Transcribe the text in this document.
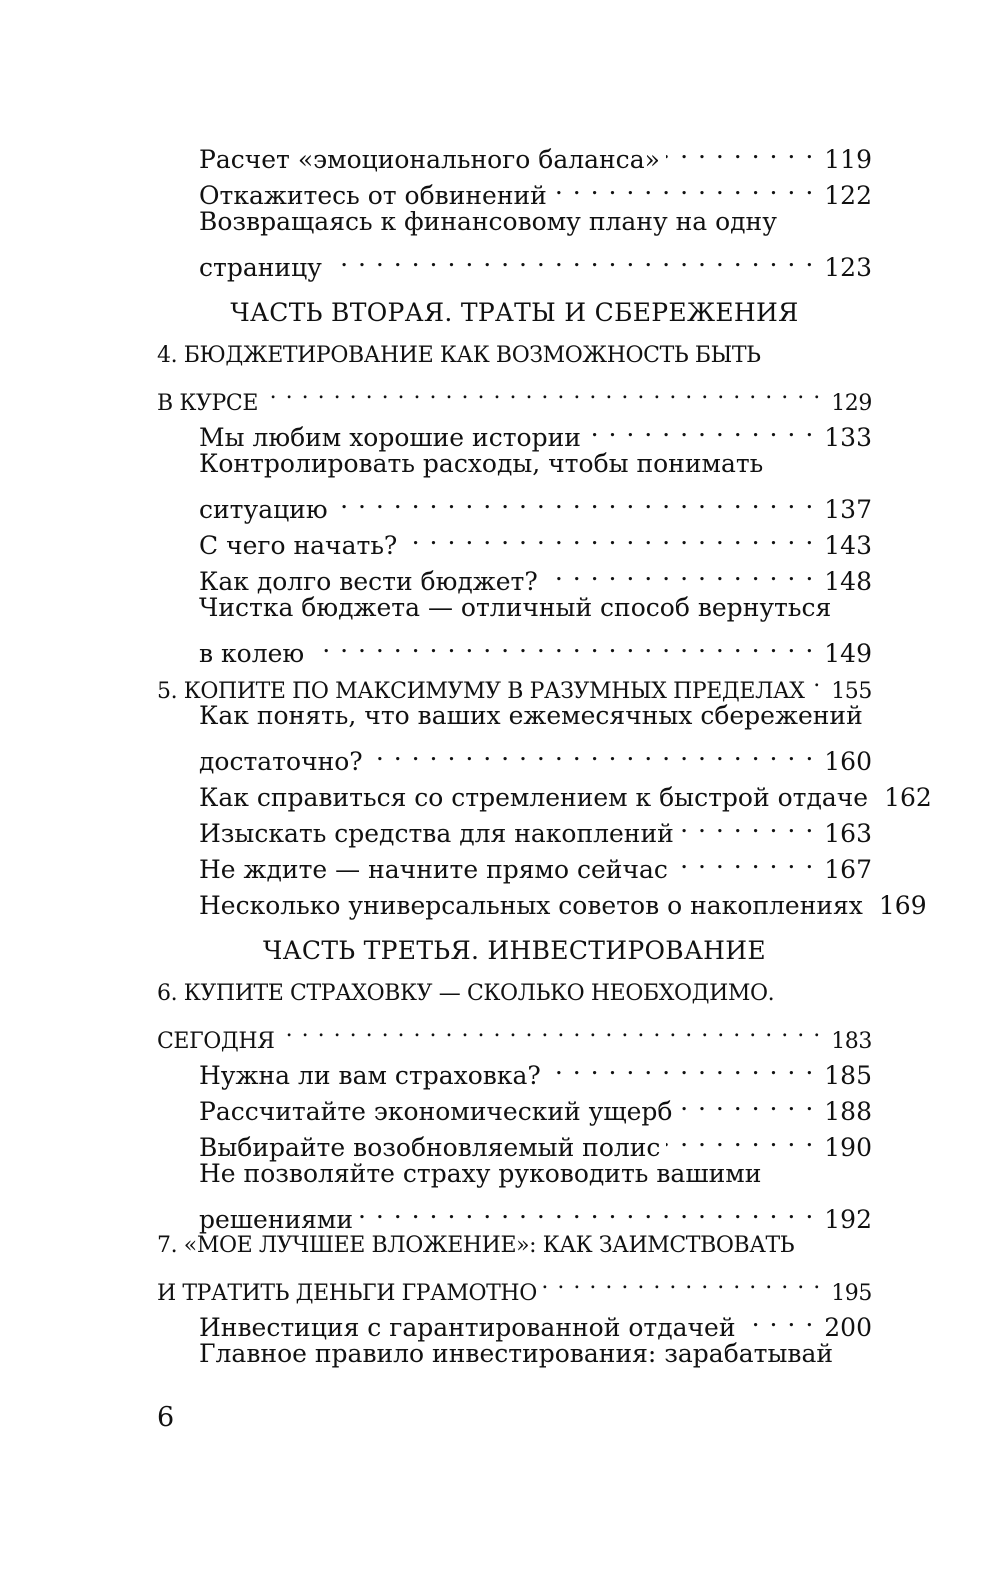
Расчет «эмоционального баланса» . . .	119
Откажитесь от обвинений . . .	122
Возвращаясь к финансовому плану на одну
страницу . . .	123
ЧАСТЬ ВТОРАЯ. ТРАТЫ И СБЕРЕЖЕНИЯ
4. БЮДЖЕТИРОВАНИЕ КАК ВОЗМОЖНОСТЬ БЫТЬ
В КУРСЕ . . .	129
Мы любим хорошие истории . . .	133
Контролировать расходы, чтобы понимать
ситуацию . . .	137
С чего начать? . . .	143
Как долго вести бюджет? . . .	148
Чистка бюджета — отличный способ вернуться
в колею . . .	149
5. КОПИТЕ ПО МАКСИМУМУ В РАЗУМНЫХ ПРЕДЕЛАХ . . . 155
Как понять, что ваших ежемесячных сбережений
достаточно? . . .	160
Как справиться со стремлением к быстрой отдаче 162
Изыскать средства для накоплений . . .	163
Не ждите — начните прямо сейчас . . .	167
Несколько универсальных советов о накоплениях 169
ЧАСТЬ ТРЕТЬЯ. ИНВЕСТИРОВАНИЕ
6. КУПИТЕ СТРАХОВКУ — СКОЛЬКО НЕОБХОДИМО.
СЕГОДНЯ . . .	183
Нужна ли вам страховка? . . .	185
Рассчитайте экономический ущерб . . .	188
Выбирайте возобновляемый полис . . .	190
Не позволяйте страху руководить вашими
решениями . . .	192
7. «МОЕ ЛУЧШЕЕ ВЛОЖЕНИЕ»: КАК ЗАИМСТВОВАТЬ
И ТРАТИТЬ ДЕНЬГИ ГРАМОТНО . . .	195
Инвестиция с гарантированной отдачей . . .	200
Главное правило инвестирования: зарабатывай
6
